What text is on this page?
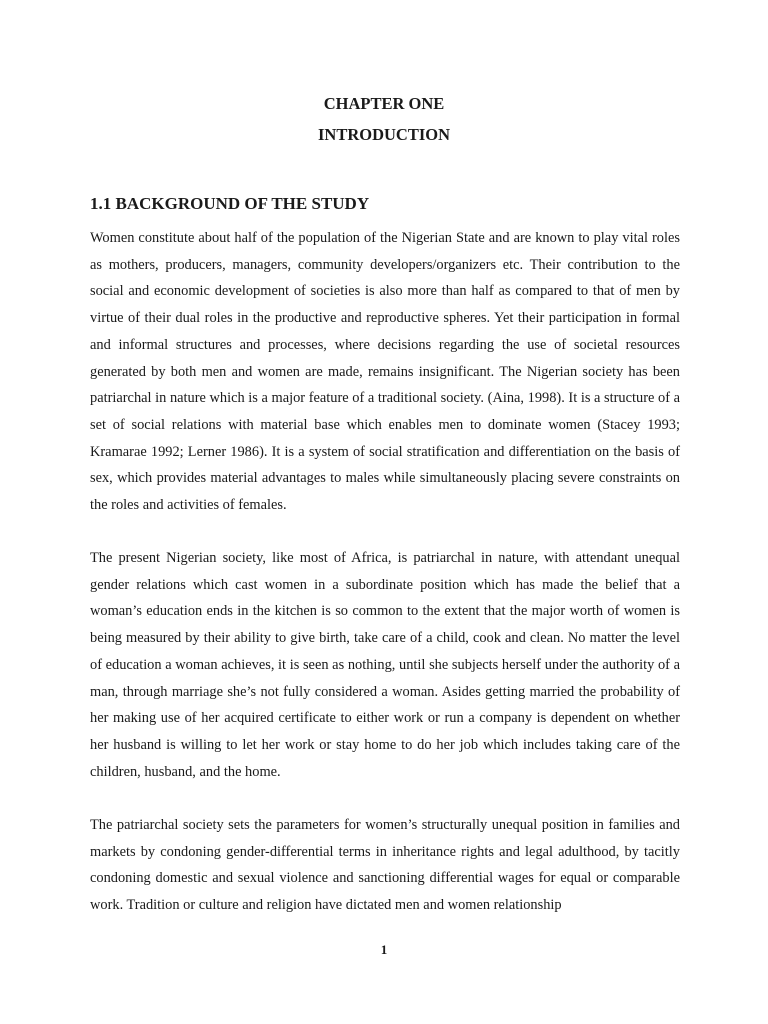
CHAPTER ONE
INTRODUCTION
1.1 BACKGROUND OF THE STUDY

Women constitute about half of the population of the Nigerian State and are known to play vital roles as mothers, producers, managers, community developers/organizers etc. Their contribution to the social and economic development of societies is also more than half as compared to that of men by virtue of their dual roles in the productive and reproductive spheres. Yet their participation in formal and informal structures and processes, where decisions regarding the use of societal resources generated by both men and women are made, remains insignificant. The Nigerian society has been patriarchal in nature which is a major feature of a traditional society. (Aina, 1998). It is a structure of a set of social relations with material base which enables men to dominate women (Stacey 1993; Kramarae 1992; Lerner 1986). It is a system of social stratification and differentiation on the basis of sex, which provides material advantages to males while simultaneously placing severe constraints on the roles and activities of females.

The present Nigerian society, like most of Africa, is patriarchal in nature, with attendant unequal gender relations which cast women in a subordinate position which has made the belief that a woman’s education ends in the kitchen is so common to the extent that the major worth of women is being measured by their ability to give birth, take care of a child, cook and clean. No matter the level of education a woman achieves, it is seen as nothing, until she subjects herself under the authority of a man, through marriage she’s not fully considered a woman. Asides getting married the probability of her making use of her acquired certificate to either work or run a company is dependent on whether her husband is willing to let her work or stay home to do her job which includes taking care of the children, husband, and the home.

The patriarchal society sets the parameters for women’s structurally unequal position in families and markets by condoning gender-differential terms in inheritance rights and legal adulthood, by tacitly condoning domestic and sexual violence and sanctioning differential wages for equal or comparable work. Tradition or culture and religion have dictated men and women relationship

1
